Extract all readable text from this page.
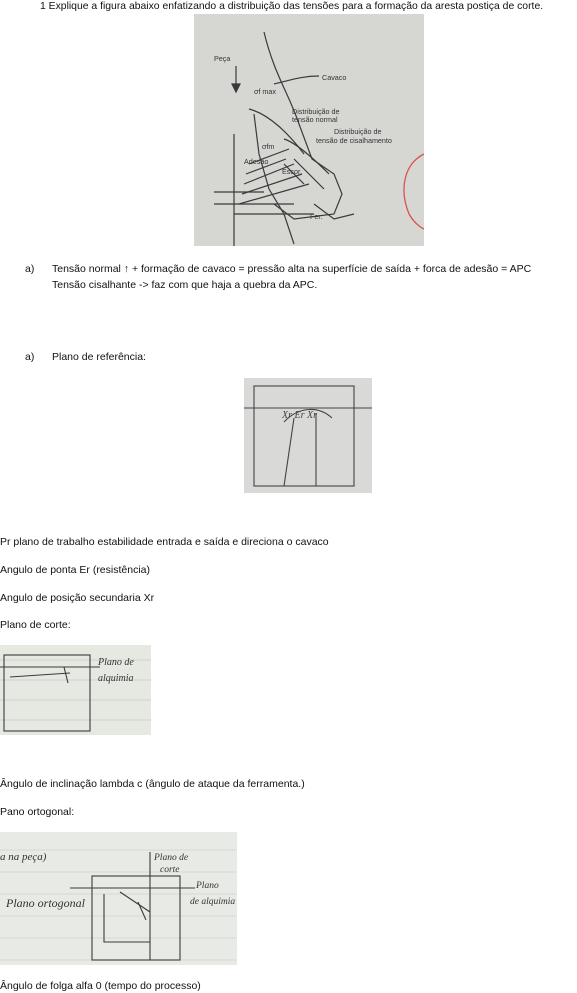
1 Explique a figura abaixo enfatizando a distribuição das tensões para a formação da aresta postiça de corte.
Peça
Cavaco
σf max
Distribuição de
tensão normal
Distribuição de
tensão de cisalhamento
σfm
Adesão
Escor.
Fer.
a) Tensão normal ↑ + formação de cavaco = pressão alta na superfície de saída + forca de adesão = APC
Tensão cisalhante -> faz com que haja a quebra da APC.
a) Plano de referência:
Xr Er Xr
Pr plano de trabalho estabilidade entrada e saída e direciona o cavaco
Angulo de ponta Er (resistência)
Angulo de posição secundaria Xr
Plano de corte:
Plano de
alquimia
Ângulo de inclinação lambda c (ângulo de ataque da ferramenta.)
Pano ortogonal:
a na peça)	Plano de
corte
Plano ortogonal
Plano
de alquimia
Ângulo de folga alfa 0 (tempo do processo)
